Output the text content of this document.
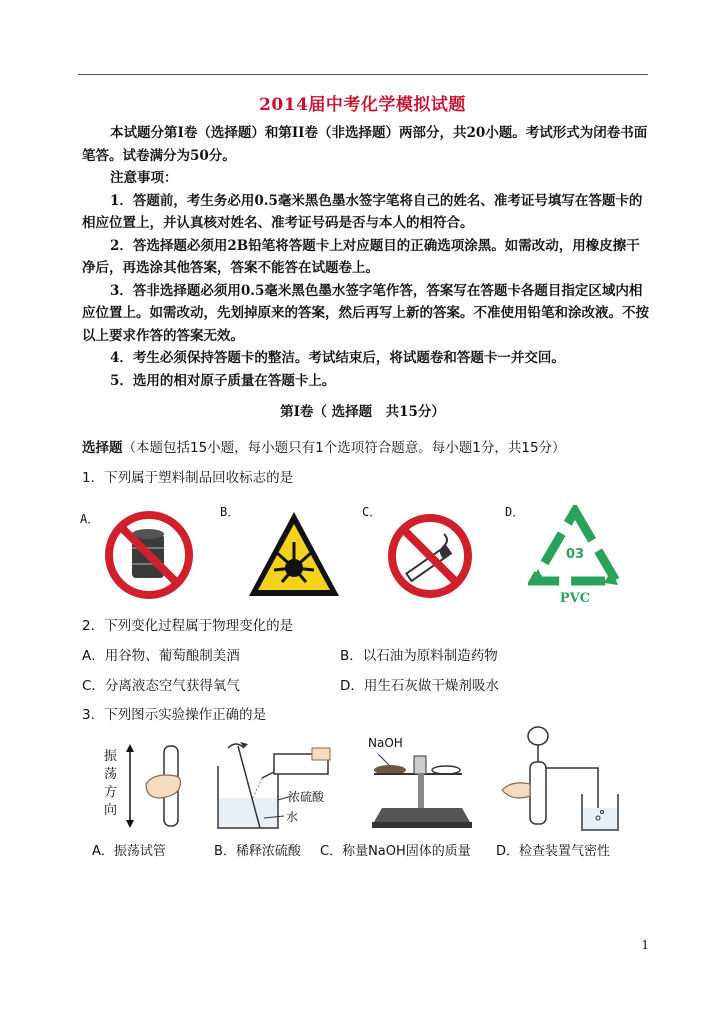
2014届中考化学模拟试题

本试题分第Ⅰ卷（选择题）和第II卷（非选择题）两部分，共20小题。考试形式为闭卷书面笔答。试卷满分为50分。

注意事项：

1．答题前，考生务必用0.5毫米黑色墨水签字笔将自己的姓名、准考证号填写在答题卡的相应位置上，并认真核对姓名、准考证号码是否与本人的相符合。

2．答选择题必须用2B铅笔将答题卡上对应题目的正确选项涂黑。如需改动，用橡皮擦干净后，再选涂其他答案，答案不能答在试题卷上。

3．答非选择题必须用0.5毫米黑色墨水签字笔作答，答案写在答题卡各题目指定区域内相应位置上。如需改动，先划掉原来的答案，然后再写上新的答案。不准使用铅笔和涂改液。不按以上要求作答的答案无效。

4．考生必须保持答题卡的整洁。考试结束后，将试题卷和答题卡一并交回。

5．选用的相对原子质量在答题卡上。

第Ⅰ卷（ 选择题　共15分）
选择题（本题包括15小题，每小题只有1个选项符合题意。每小题1分，共15分）
1．下列属于塑料制品回收标志的是
A．	B．	C．	D．
03
PVC
2．下列变化过程属于物理变化的是
A．用谷物、葡萄酿制美酒	B．以石油为原料制造药物
C．分离液态空气获得氧气	D．用生石灰做干燥剂吸水
3．下列图示实验操作正确的是
振荡方向
浓硫酸
水
NaOH
A．振荡试管	B．稀释浓硫酸 C．称量NaOH固体的质量 D．检查装置气密性
1
